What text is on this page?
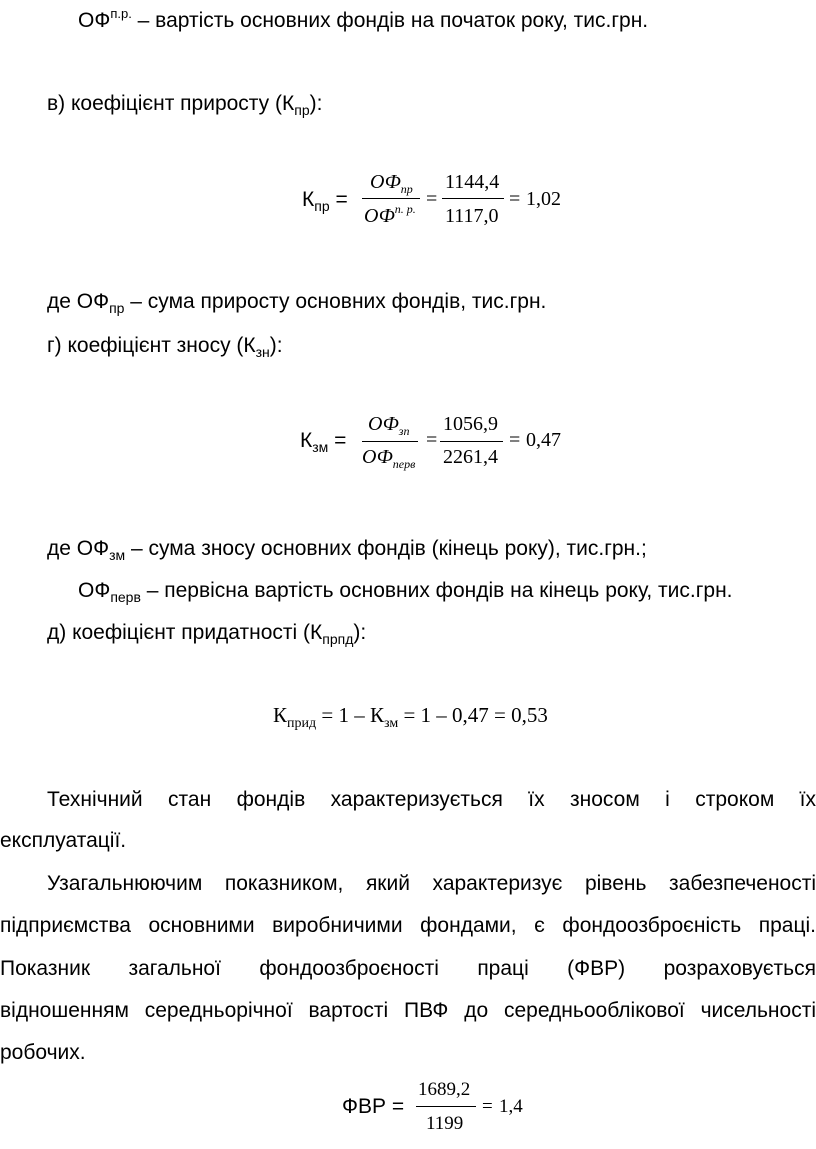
$ОФ^{п.р.}$ – вартість основних фондів на початок року, тис.грн.
в) коефіцієнт приросту $(К_{пр})$:
$К_{пр}$ =
$ОФ_{пр}$
$ОФ^{п. р.}$ =
1144,4
1117,0
= 1,02
де $ОФ_{пр}$ – сума приросту основних фондів, тис.грн.
г) коефіцієнт зносу $(К_{зн})$:
$К_{зм}$ =
$ОФ_{зп}$
$ОФ_{перв}$
=
1056,9
2261,4
= 0,47
де $ОФ_{зм}$ – сума зносу основних фондів (кінець року), тис.грн.;
$ОФ_{перв}$ – первісна вартість основних фондів на кінець року, тис.грн.
д) коефіцієнт придатності $(К_{прпд})$:
$К_{прид} = 1 - К_{зм} = 1 - 0,47 = 0,53$
Технічний стан фондів характеризується їх зносом і строком їх
експлуатації.
Узагальнюючим показником, який характеризує рівень забезпеченості
підприємства основними виробничими фондами, є фондоозброєність праці.
Показник загальної фондоозброєності праці (ФВР) розраховується
відношенням середньорічної вартості ПВФ до середньооблікової чисельності
робочих.
ФВР =
1689,2
1199
= 1,4
